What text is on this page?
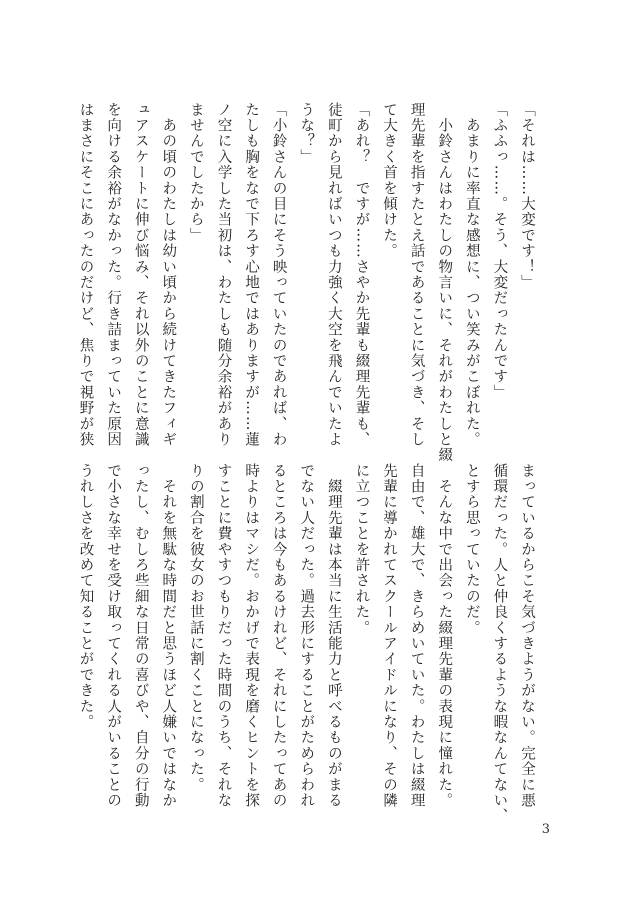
「それは……大変です！」
「ふふっ……。そう、大変だったんです」
　あまりに率直な感想に、つい笑みがこぼれた。
　小鈴さんはわたしの物言いに、それがわたしと綴
理先輩を指すたとえ話であることに気づき、そし
て大きく首を傾けた。
「あれ？　ですが……さやか先輩も綴理先輩も、
徒町から見ればいつも力強く大空を飛んでいたよ
うな？」
「小鈴さんの目にそう映っていたのであれば、わ
たしも胸をなで下ろす心地ではありますが……蓮
ノ空に入学した当初は、わたしも随分余裕があり
ませんでしたから」
　あの頃のわたしは幼い頃から続けてきたフィギ
ュアスケートに伸び悩み、それ以外のことに意識
を向ける余裕がなかった。行き詰まっていた原因
はまさにそこにあったのだけど、焦りで視野が狭
まっているからこそ気づきようがない。完全に悪
循環だった。人と仲良くするような暇なんてない、
とすら思っていたのだ。
　そんな中で出会った綴理先輩の表現に憧れた。
自由で、雄大で、きらめいていた。わたしは綴理
先輩に導かれてスクールアイドルになり、その隣
に立つことを許された。
　綴理先輩は本当に生活能力と呼べるものがまる
でない人だった。過去形にすることがためらわれ
るところは今もあるけれど、それにしたってあの
時よりはマシだ。おかげで表現を磨くヒントを探
すことに費やすつもりだった時間のうち、それな
りの割合を彼女のお世話に割くことになった。
　それを無駄な時間だと思うほど人嫌いではなか
ったし、むしろ些細な日常の喜びや、自分の行動
で小さな幸せを受け取ってくれる人がいることの
うれしさを改めて知ることができた。
3
